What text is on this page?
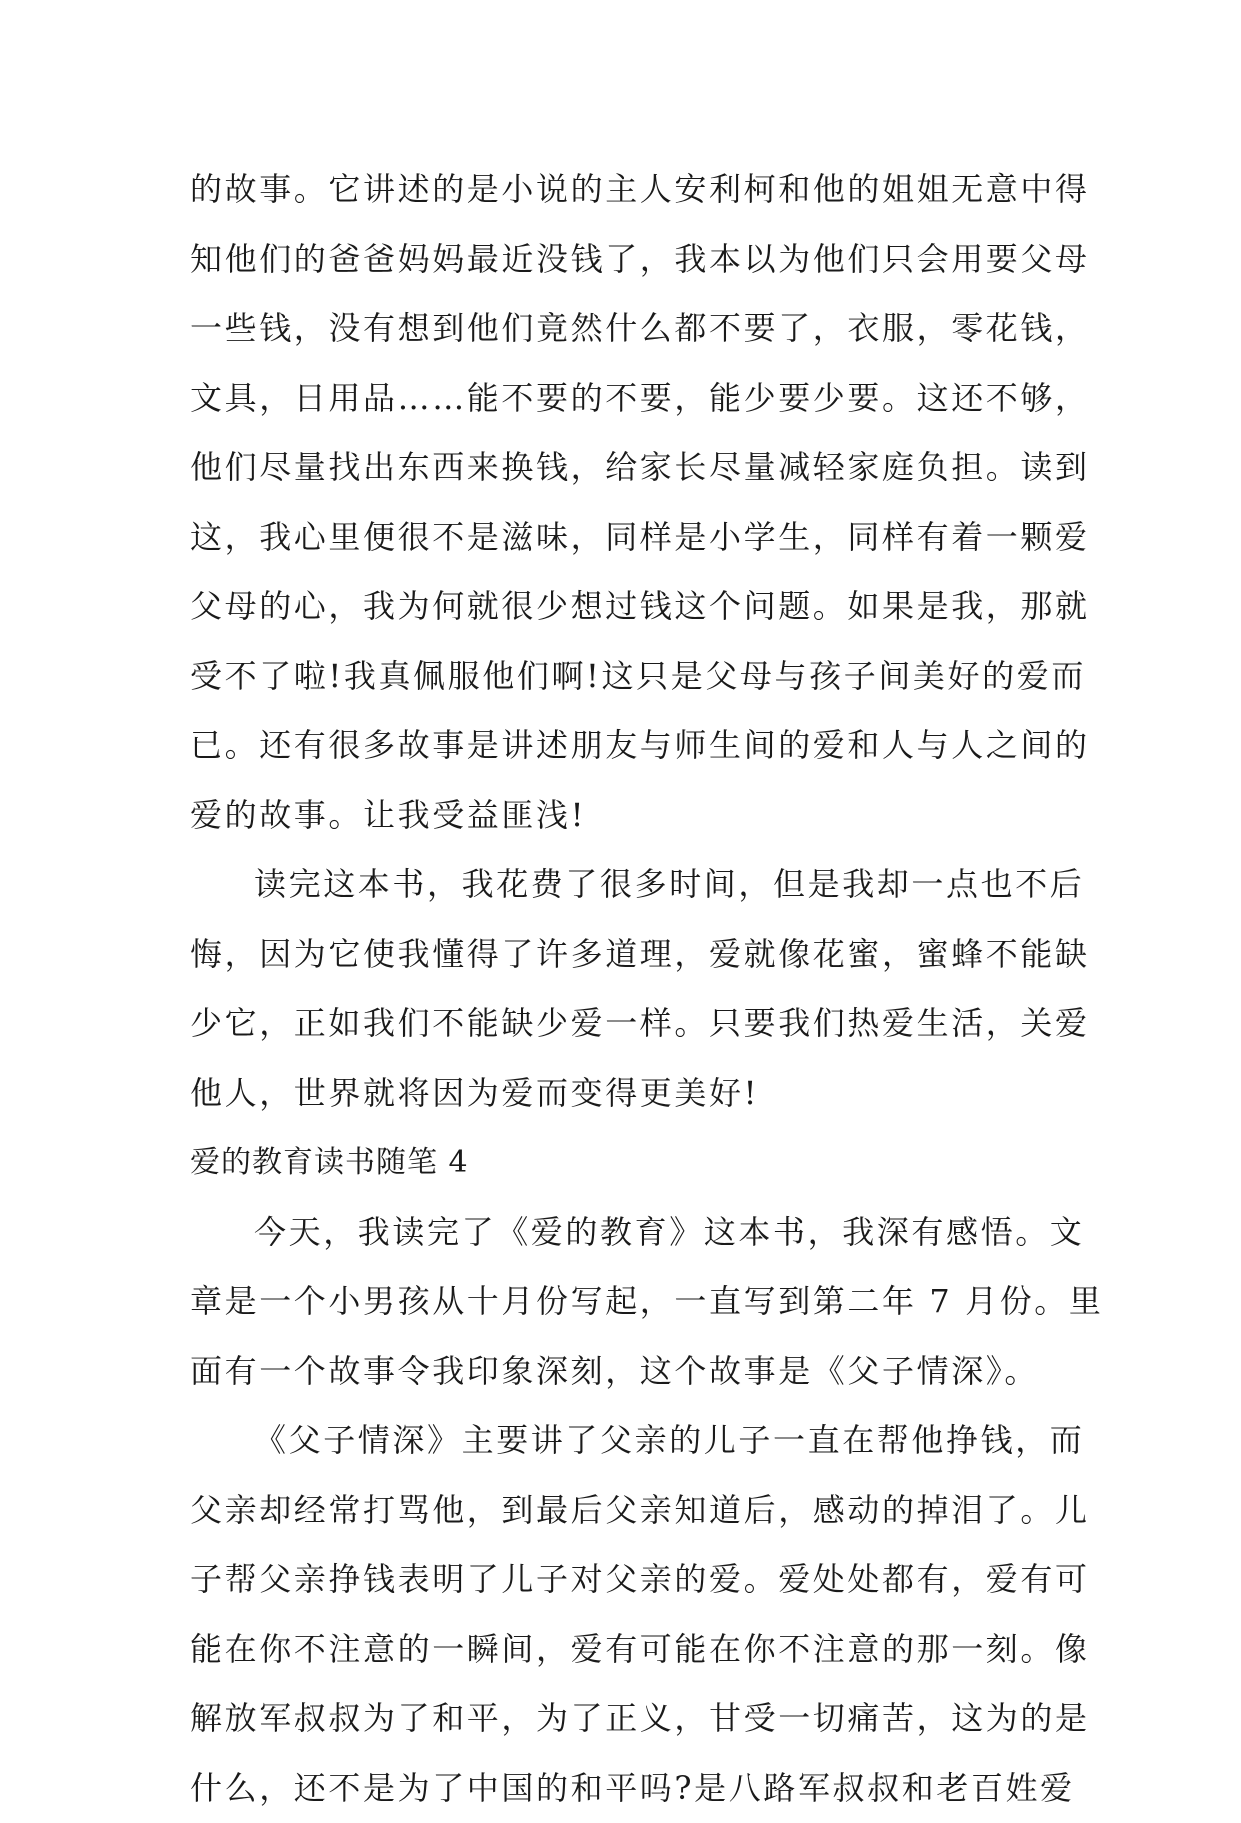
的故事。它讲述的是小说的主人安利柯和他的姐姐无意中得
知他们的爸爸妈妈最近没钱了，我本以为他们只会用要父母
一些钱，没有想到他们竟然什么都不要了，衣服，零花钱，
文具，日用品……能不要的不要，能少要少要。这还不够，
他们尽量找出东西来换钱，给家长尽量减轻家庭负担。读到
这，我心里便很不是滋味，同样是小学生，同样有着一颗爱
父母的心，我为何就很少想过钱这个问题。如果是我，那就
受不了啦!我真佩服他们啊!这只是父母与孩子间美好的爱而
已。还有很多故事是讲述朋友与师生间的爱和人与人之间的
爱的故事。让我受益匪浅!
读完这本书，我花费了很多时间，但是我却一点也不后
悔，因为它使我懂得了许多道理，爱就像花蜜，蜜蜂不能缺
少它，正如我们不能缺少爱一样。只要我们热爱生活，关爱
他人，世界就将因为爱而变得更美好!
爱的教育读书随笔 4
今天，我读完了《爱的教育》这本书，我深有感悟。文
章是一个小男孩从十月份写起，一直写到第二年 7 月份。里
面有一个故事令我印象深刻，这个故事是《父子情深》。
《父子情深》主要讲了父亲的儿子一直在帮他挣钱，而
父亲却经常打骂他，到最后父亲知道后，感动的掉泪了。儿
子帮父亲挣钱表明了儿子对父亲的爱。爱处处都有，爱有可
能在你不注意的一瞬间，爱有可能在你不注意的那一刻。像
解放军叔叔为了和平，为了正义，甘受一切痛苦，这为的是
什么，还不是为了中国的和平吗?是八路军叔叔和老百姓爱
